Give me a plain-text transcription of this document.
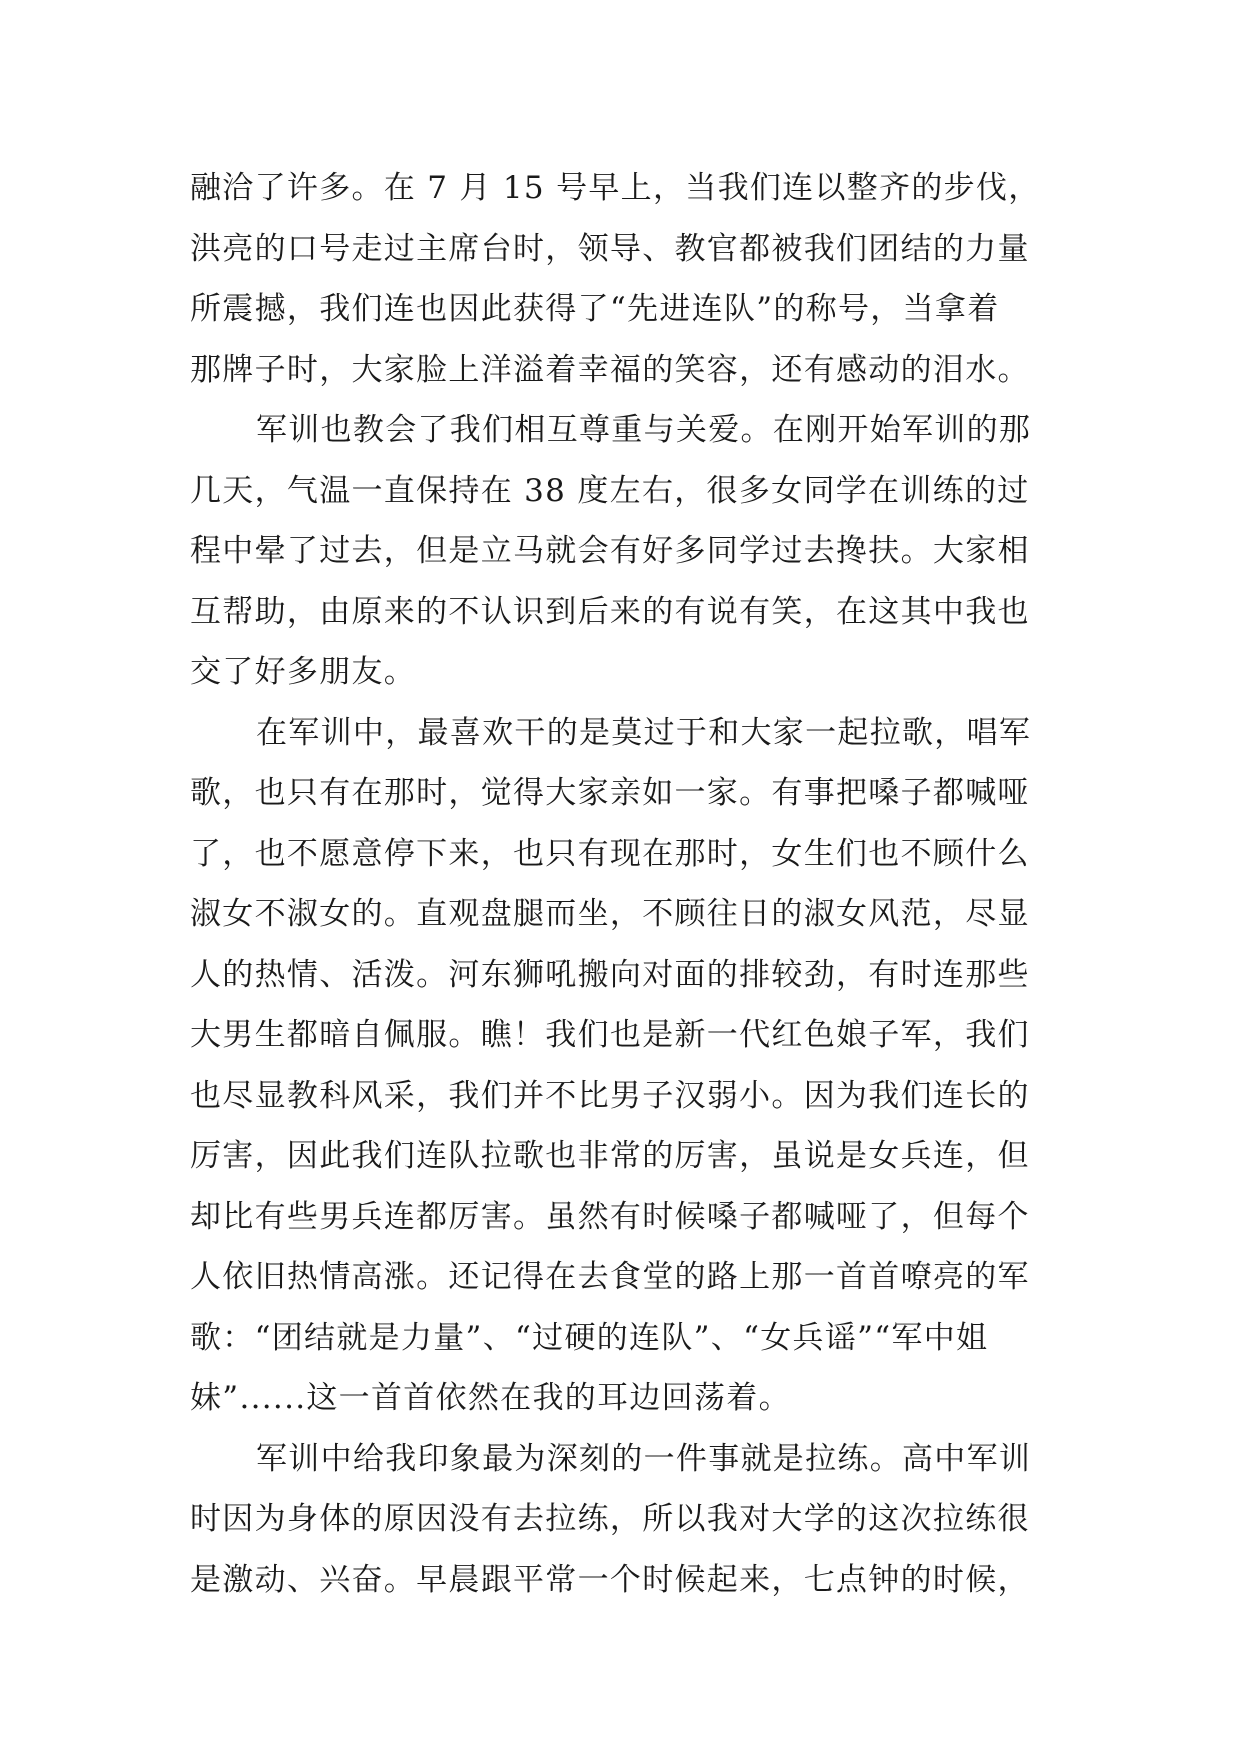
融洽了许多。在 7 月 15 号早上，当我们连以整齐的步伐，
洪亮的口号走过主席台时，领导、教官都被我们团结的力量
所震撼，我们连也因此获得了“先进连队”的称号，当拿着
那牌子时，大家脸上洋溢着幸福的笑容，还有感动的泪水。
军训也教会了我们相互尊重与关爱。在刚开始军训的那
几天，气温一直保持在 38 度左右，很多女同学在训练的过
程中晕了过去，但是立马就会有好多同学过去搀扶。大家相
互帮助，由原来的不认识到后来的有说有笑，在这其中我也
交了好多朋友。
在军训中，最喜欢干的是莫过于和大家一起拉歌，唱军
歌，也只有在那时，觉得大家亲如一家。有事把嗓子都喊哑
了，也不愿意停下来，也只有现在那时，女生们也不顾什么
淑女不淑女的。直观盘腿而坐，不顾往日的淑女风范，尽显
人的热情、活泼。河东狮吼搬向对面的排较劲，有时连那些
大男生都暗自佩服。瞧！我们也是新一代红色娘子军，我们
也尽显教科风采，我们并不比男子汉弱小。因为我们连长的
厉害，因此我们连队拉歌也非常的厉害，虽说是女兵连，但
却比有些男兵连都厉害。虽然有时候嗓子都喊哑了，但每个
人依旧热情高涨。还记得在去食堂的路上那一首首嘹亮的军
歌：“团结就是力量”、“过硬的连队”、“女兵谣”“军中姐
妹”......这一首首依然在我的耳边回荡着。
军训中给我印象最为深刻的一件事就是拉练。高中军训
时因为身体的原因没有去拉练，所以我对大学的这次拉练很
是激动、兴奋。早晨跟平常一个时候起来，七点钟的时候，
